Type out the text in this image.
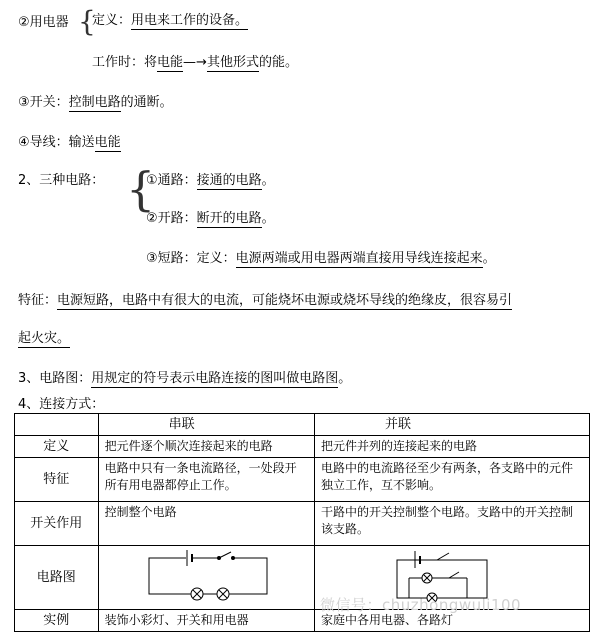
②用电器 {
定义：用电来工作的设备。
工作时：将电能—→其他形式的能。
③开关：控制电路的通断。
④导线：输送电能
2、三种电路： {
①通路：接通的电路。
②开路：断开的电路。
③短路：定义：电源两端或用电器两端直接用导线连接起来。
特征：电源短路，电路中有很大的电流，可能烧坏电源或烧坏导线的绝缘皮，很容易引
起火灾。
3、电路图：用规定的符号表示电路连接的图叫做电路图。
4、连接方式：
	串联	并联
定义	把元件逐个顺次连接起来的电路	把元件并列的连接起来的电路
特征	电路中只有一条电流路径，一处段开所有用电器都停止工作。	电路中的电流路径至少有两条，各支路中的元件独立工作，互不影响。
开关作用	控制整个电路	干路中的开关控制整个电路。支路中的开关控制该支路。
电路图		
实例	装饰小彩灯、开关和用电器	家庭中各用电器、各路灯
微信号：chuzhongwuli100
